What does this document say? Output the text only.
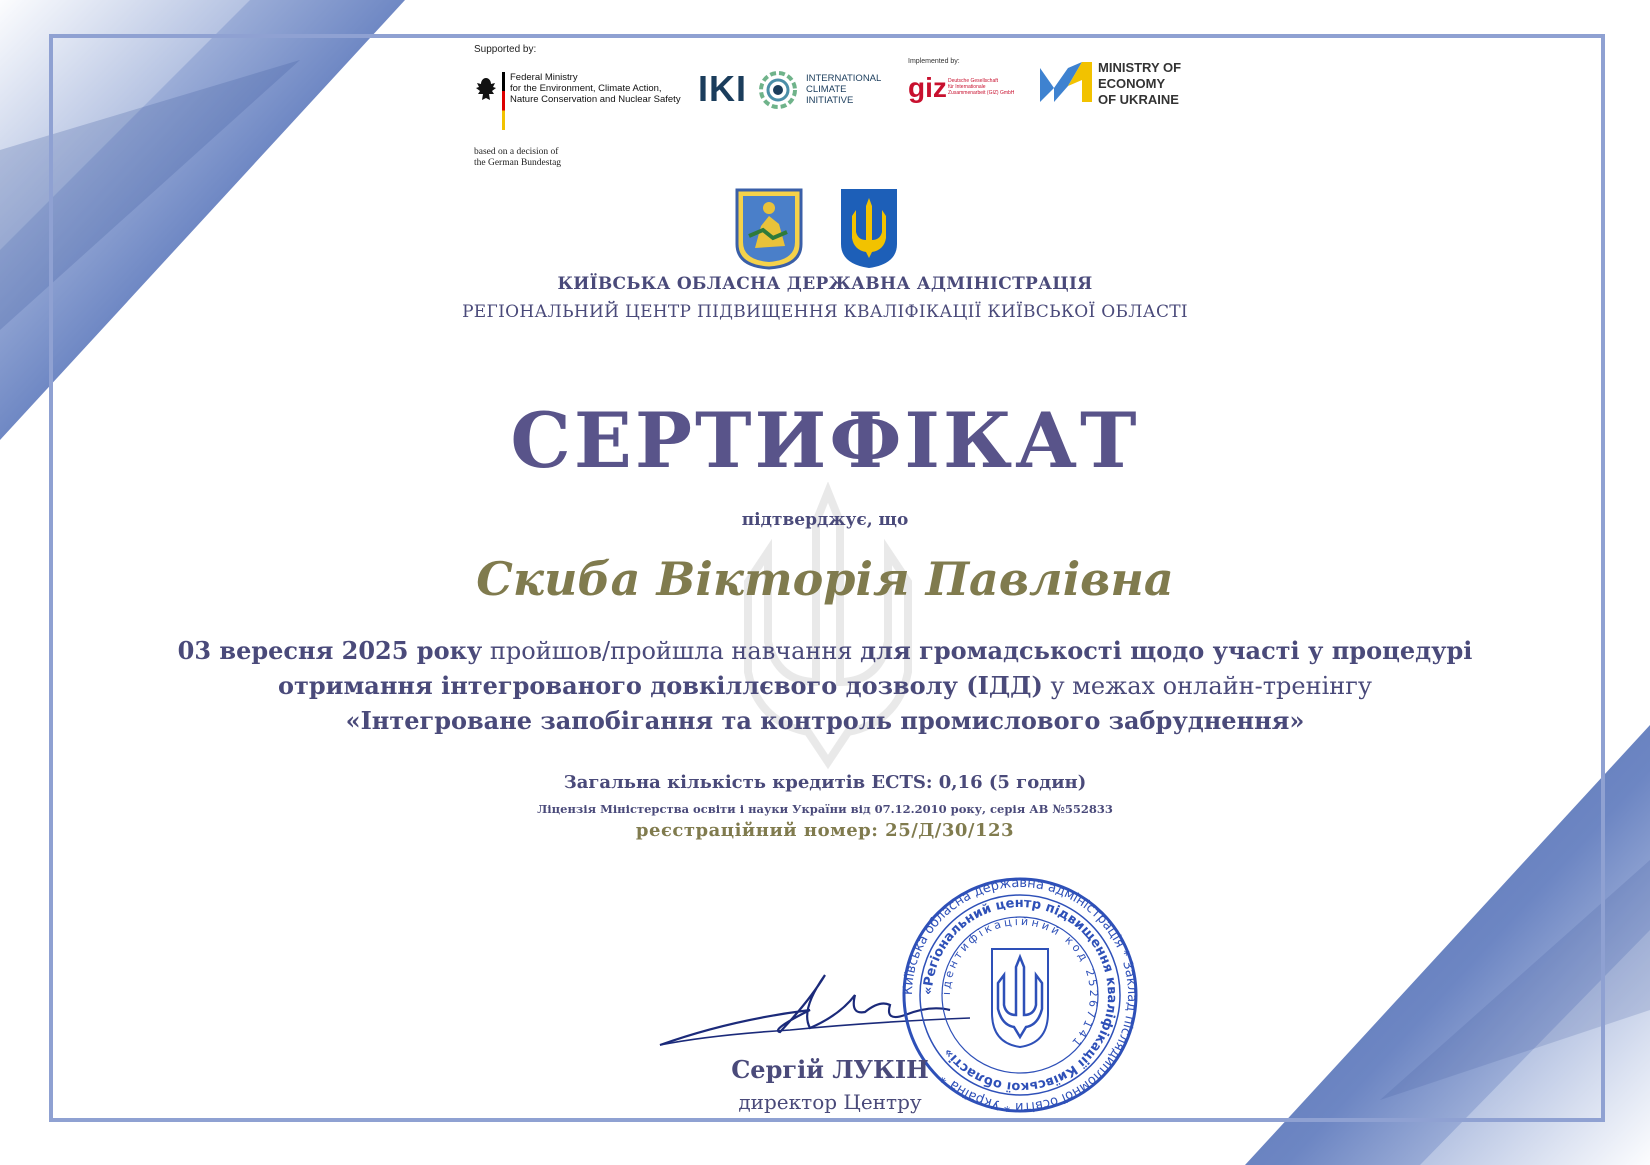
Supported by:
Federal Ministry
for the Environment, Climate Action,
Nature Conservation and Nuclear Safety
based on a decision of
the German Bundestag
IKI	INTERNATIONAL
CLIMATE
INITIATIVE
Implemented by:
giz Deutsche Gesellschaft
für Internationale
Zusammenarbeit (GIZ) GmbH
MINISTRY OF
ECONOMY
OF UKRAINE
КИЇВСЬКА ОБЛАСНА ДЕРЖАВНА АДМІНІСТРАЦІЯ
РЕГІОНАЛЬНИЙ ЦЕНТР ПІДВИЩЕННЯ КВАЛІФІКАЦІЇ КИЇВСЬКОЇ ОБЛАСТІ
СЕРТИФІКАТ
підтверджує, що
Скиба Вікторія Павлівна
03 вересня 2025 року пройшов/пройшла навчання для громадськості щодо участі у процедурі
отримання інтегрованого довкіллєвого дозволу (ІДД) у межах онлайн-тренінгу
«Інтегроване запобігання та контроль промислового забруднення»
Загальна кількість кредитів ECTS: 0,16 (5 годин)
Ліцензія Міністерства освіти і науки України від 07.12.2010 року, серія АВ №552833
реєстраційний номер: 25/Д/30/123
Київська обласна державна адміністрація * Заклад післядипломної освіти * Україна *
«Регіональний центр підвищення кваліфікації Київської області»
ідентифікаційний код 25267141
Сергій ЛУКІН
директор Центру
